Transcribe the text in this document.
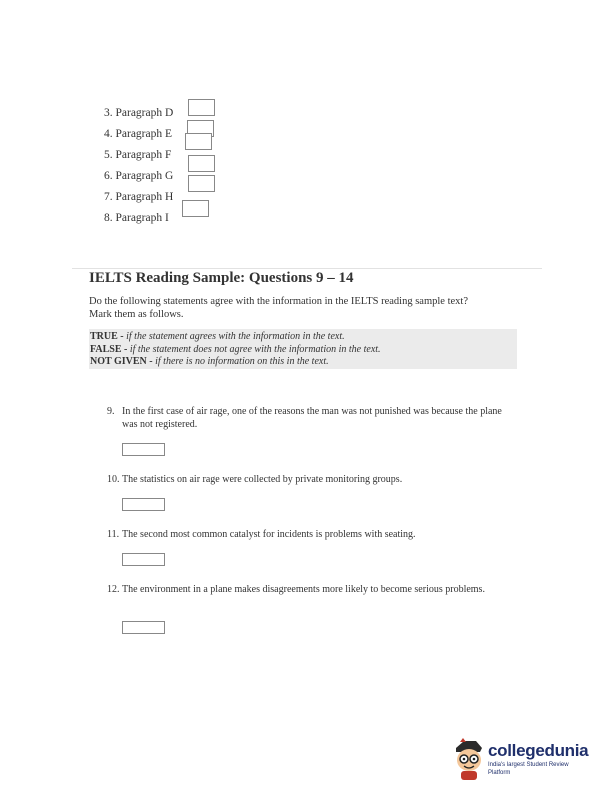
3. Paragraph D
4. Paragraph E
5. Paragraph F
6. Paragraph G
7. Paragraph H
8. Paragraph I
IELTS Reading Sample: Questions 9 – 14
Do the following statements agree with the information in the IELTS reading sample text?
Mark them as follows.
TRUE - if the statement agrees with the information in the text.
FALSE - if the statement does not agree with the information in the text.
NOT GIVEN - if there is no information on this in the text.
9. In the first case of air rage, one of the reasons the man was not punished was because the plane was not registered.
10. The statistics on air rage were collected by private monitoring groups.
11. The second most common catalyst for incidents is problems with seating.
12. The environment in a plane makes disagreements more likely to become serious problems.
collegedunia
India's largest Student Review Platform
